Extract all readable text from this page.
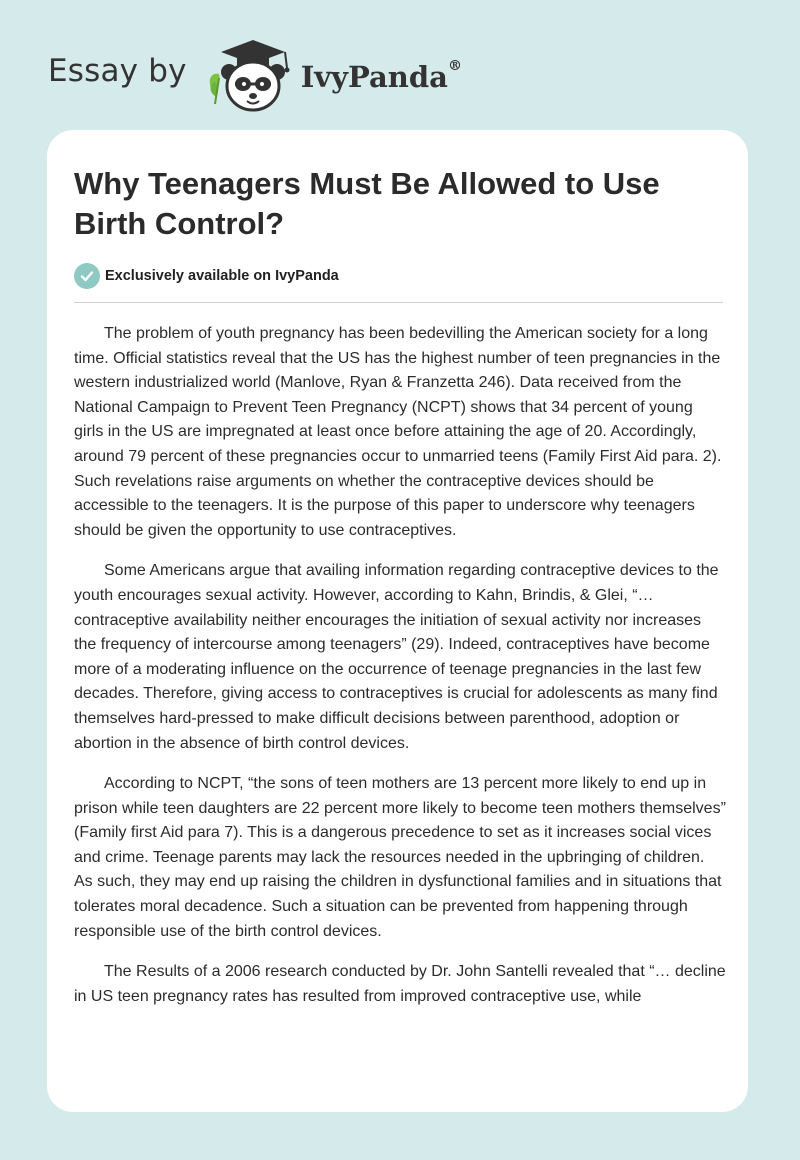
Essay by	IvyPanda®
Why Teenagers Must Be Allowed to Use Birth Control?
Exclusively available on IvyPanda

The problem of youth pregnancy has been bedevilling the American society for a long time. Official statistics reveal that the US has the highest number of teen pregnancies in the western industrialized world (Manlove, Ryan & Franzetta 246). Data received from the National Campaign to Prevent Teen Pregnancy (NCPT) shows that 34 percent of young girls in the US are impregnated at least once before attaining the age of 20. Accordingly, around 79 percent of these pregnancies occur to unmarried teens (Family First Aid para. 2). Such revelations raise arguments on whether the contraceptive devices should be accessible to the teenagers. It is the purpose of this paper to underscore why teenagers should be given the opportunity to use contraceptives.

Some Americans argue that availing information regarding contraceptive devices to the youth encourages sexual activity. However, according to Kahn, Brindis, & Glei, “… contraceptive availability neither encourages the initiation of sexual activity nor increases the frequency of intercourse among teenagers” (29). Indeed, contraceptives have become more of a moderating influence on the occurrence of teenage pregnancies in the last few decades. Therefore, giving access to contraceptives is crucial for adolescents as many find themselves hard-pressed to make difficult decisions between parenthood, adoption or abortion in the absence of birth control devices.

According to NCPT, “the sons of teen mothers are 13 percent more likely to end up in prison while teen daughters are 22 percent more likely to become teen mothers themselves” (Family first Aid para 7). This is a dangerous precedence to set as it increases social vices and crime. Teenage parents may lack the resources needed in the upbringing of children. As such, they may end up raising the children in dysfunctional families and in situations that tolerates moral decadence. Such a situation can be prevented from happening through responsible use of the birth control devices.

The Results of a 2006 research conducted by Dr. John Santelli revealed that “… decline in US teen pregnancy rates has resulted from improved contraceptive use, while
